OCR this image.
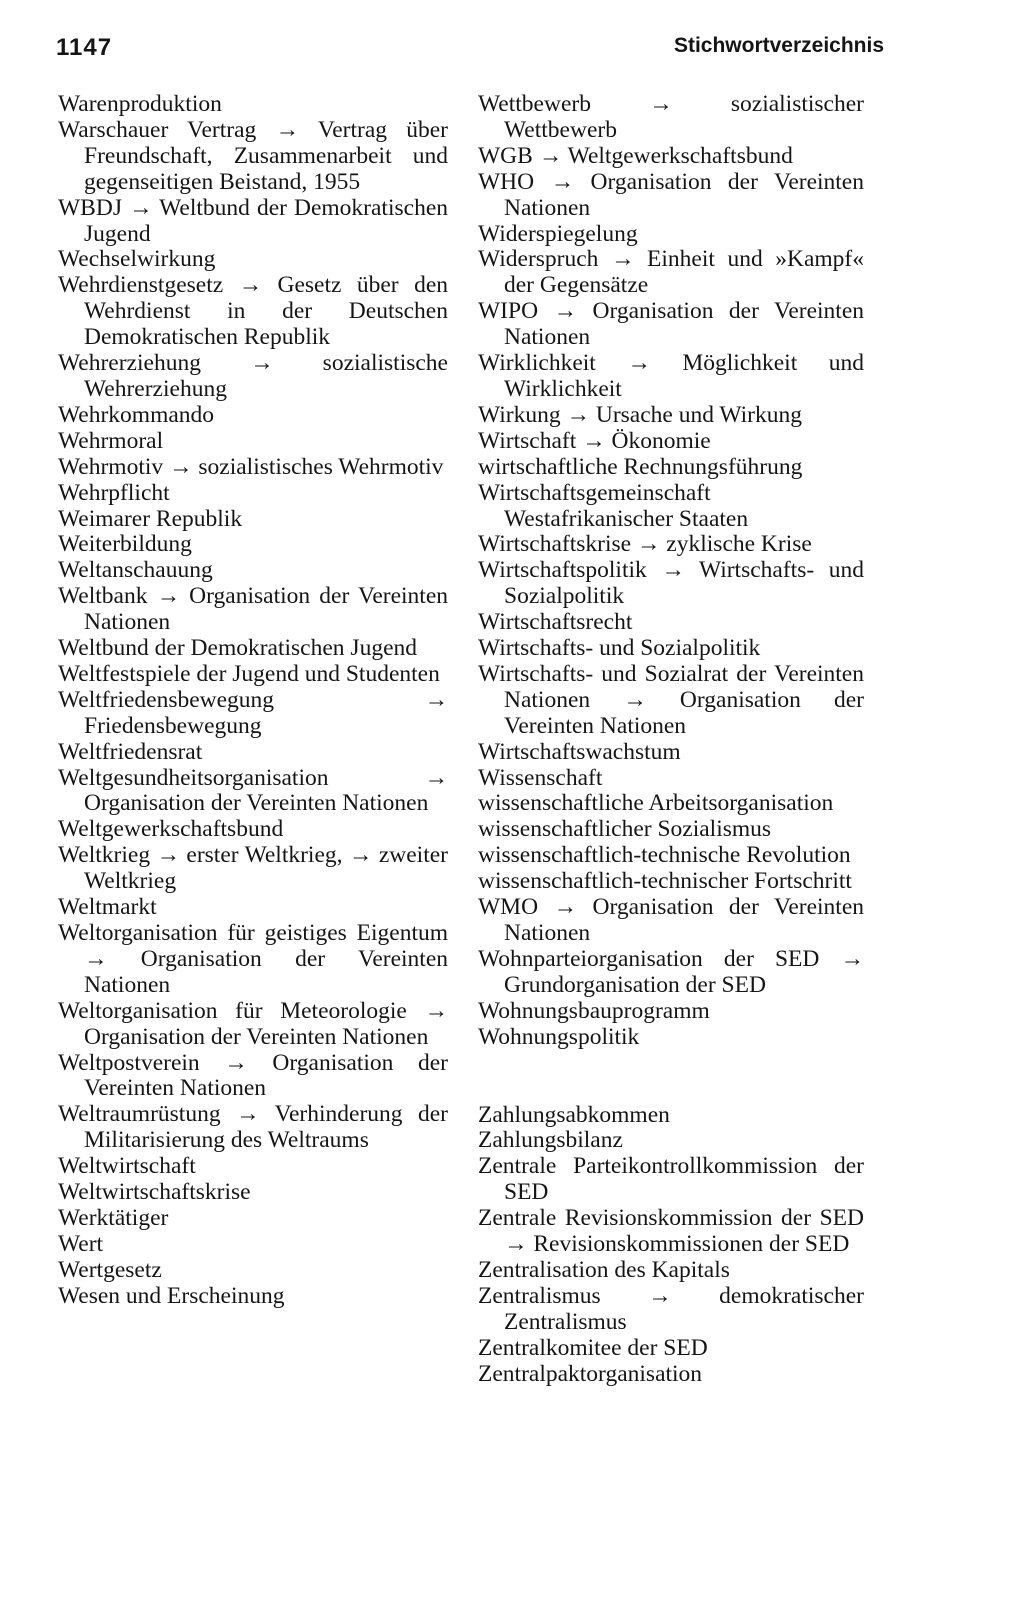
1147	Stichwortverzeichnis
Warenproduktion
Warschauer Vertrag → Vertrag über Freundschaft, Zusammenarbeit und gegenseitigen Beistand, 1955
WBDJ → Weltbund der Demokratischen Jugend
Wechselwirkung
Wehrdienstgesetz → Gesetz über den Wehrdienst in der Deutschen Demokratischen Republik
Wehrerziehung → sozialistische Wehrerziehung
Wehrkommando
Wehrmoral
Wehrmotiv → sozialistisches Wehrmotiv
Wehrpflicht
Weimarer Republik
Weiterbildung
Weltanschauung
Weltbank → Organisation der Vereinten Nationen
Weltbund der Demokratischen Jugend
Weltfestspiele der Jugend und Studenten
Weltfriedensbewegung → Friedensbewegung
Weltfriedensrat
Weltgesundheitsorganisation → Organisation der Vereinten Nationen
Weltgewerkschaftsbund
Weltkrieg → erster Weltkrieg, → zweiter Weltkrieg
Weltmarkt
Weltorganisation für geistiges Eigentum → Organisation der Vereinten Nationen
Weltorganisation für Meteorologie → Organisation der Vereinten Nationen
Weltpostverein → Organisation der Vereinten Nationen
Weltraumrüstung → Verhinderung der Militarisierung des Weltraums
Weltwirtschaft
Weltwirtschaftskrise
Werktätiger
Wert
Wertgesetz
Wesen und Erscheinung
Wettbewerb → sozialistischer Wettbewerb
WGB → Weltgewerkschaftsbund
WHO → Organisation der Vereinten Nationen
Widerspiegelung
Widerspruch → Einheit und »Kampf« der Gegensätze
WIPO → Organisation der Vereinten Nationen
Wirklichkeit → Möglichkeit und Wirklichkeit
Wirkung → Ursache und Wirkung
Wirtschaft → Ökonomie
wirtschaftliche Rechnungsführung
Wirtschaftsgemeinschaft Westafrikanischer Staaten
Wirtschaftskrise → zyklische Krise
Wirtschaftspolitik → Wirtschafts- und Sozialpolitik
Wirtschaftsrecht
Wirtschafts- und Sozialpolitik
Wirtschafts- und Sozialrat der Vereinten Nationen → Organisation der Vereinten Nationen
Wirtschaftswachstum
Wissenschaft
wissenschaftliche Arbeitsorganisation
wissenschaftlicher Sozialismus
wissenschaftlich-technische Revolution
wissenschaftlich-technischer Fortschritt
WMO → Organisation der Vereinten Nationen
Wohnparteiorganisation der SED → Grundorganisation der SED
Wohnungsbauprogramm
Wohnungspolitik
Zahlungsabkommen
Zahlungsbilanz
Zentrale Parteikontrollkommission der SED
Zentrale Revisionskommission der SED → Revisionskommissionen der SED
Zentralisation des Kapitals
Zentralismus → demokratischer Zentralismus
Zentralkomitee der SED
Zentralpaktorganisation
